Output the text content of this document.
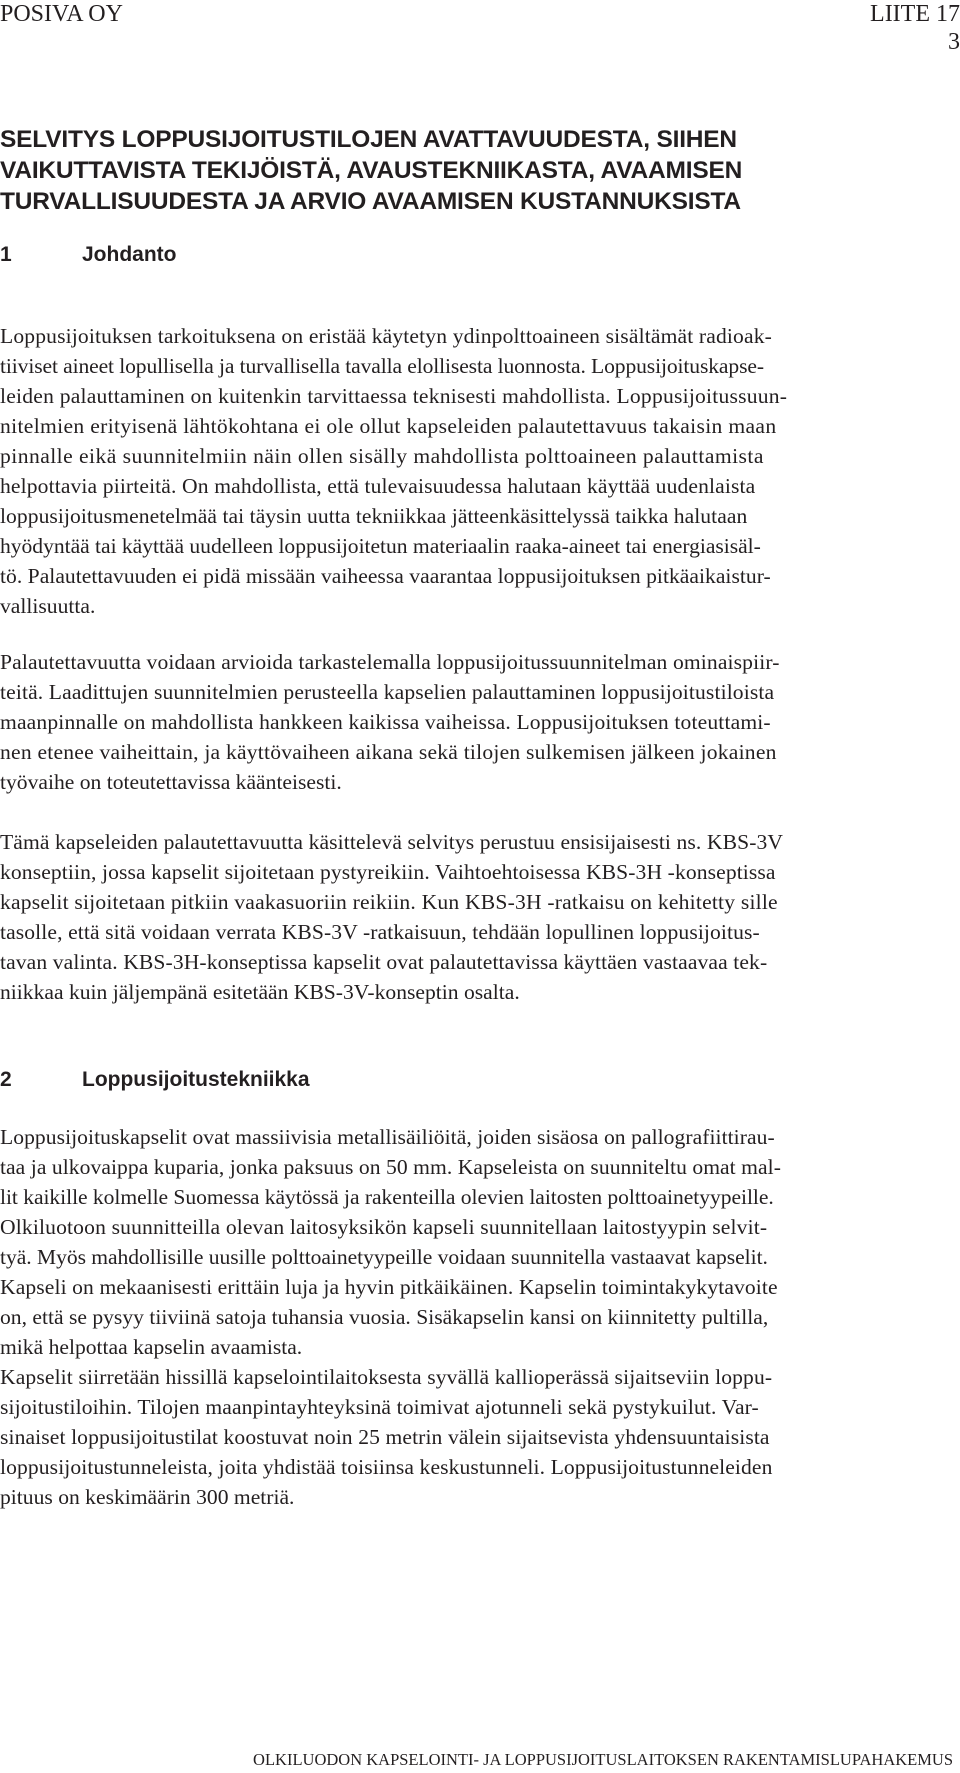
POSIVA OY	LIITE 17
3
SELVITYS LOPPUSIJOITUSTILOJEN AVATTAVUUDESTA, SIIHEN
VAIKUTTAVISTA TEKIJÖISTÄ, AVAUSTEKNIIKASTA, AVAAMISEN
TURVALLISUUDESTA JA ARVIO AVAAMISEN KUSTANNUKSISTA
1	Johdanto

Loppusijoituksen tarkoituksena on eristää käytetyn ydinpolttoaineen sisältämät radioak-
tiiviset aineet lopullisella ja turvallisella tavalla elollisesta luonnosta. Loppusijoituskapse-
leiden palauttaminen on kuitenkin tarvittaessa teknisesti mahdollista. Loppusijoitussuun-
nitelmien erityisenä lähtökohtana ei ole ollut kapseleiden palautettavuus takaisin maan
pinnalle eikä suunnitelmiin näin ollen sisälly mahdollista polttoaineen palauttamista
helpottavia piirteitä. On mahdollista, että tulevaisuudessa halutaan käyttää uudenlaista
loppusijoitusmenetelmää tai täysin uutta tekniikkaa jätteenkäsittelyssä taikka halutaan
hyödyntää tai käyttää uudelleen loppusijoitetun materiaalin raaka-aineet tai energiasisäl-
tö. Palautettavuuden ei pidä missään vaiheessa vaarantaa loppusijoituksen pitkäaikaistur-
vallisuutta.

Palautettavuutta voidaan arvioida tarkastelemalla loppusijoitussuunnitelman ominaispiir-
teitä. Laadittujen suunnitelmien perusteella kapselien palauttaminen loppusijoitustiloista
maanpinnalle on mahdollista hankkeen kaikissa vaiheissa. Loppusijoituksen toteuttami-
nen etenee vaiheittain, ja käyttövaiheen aikana sekä tilojen sulkemisen jälkeen jokainen
työvaihe on toteutettavissa käänteisesti.

Tämä kapseleiden palautettavuutta käsittelevä selvitys perustuu ensisijaisesti ns. KBS-3V
konseptiin, jossa kapselit sijoitetaan pystyreikiin. Vaihtoehtoisessa KBS-3H -konseptissa
kapselit sijoitetaan pitkiin vaakasuoriin reikiin. Kun KBS-3H -ratkaisu on kehitetty sille
tasolle, että sitä voidaan verrata KBS-3V -ratkaisuun, tehdään lopullinen loppusijoitus-
tavan valinta. KBS-3H-konseptissa kapselit ovat palautettavissa käyttäen vastaavaa tek-
niikkaa kuin jäljempänä esitetään KBS-3V-konseptin osalta.

2	Loppusijoitustekniikka

Loppusijoituskapselit ovat massiivisia metallisäiliöitä, joiden sisäosa on pallografiittirau-
taa ja ulkovaippa kuparia, jonka paksuus on 50 mm. Kapseleista on suunniteltu omat mal-
lit kaikille kolmelle Suomessa käytössä ja rakenteilla olevien laitosten polttoainetyypeille.
Olkiluotoon suunnitteilla olevan laitosyksikön kapseli suunnitellaan laitostyypin selvit-
tyä. Myös mahdollisille uusille polttoainetyypeille voidaan suunnitella vastaavat kapselit.
Kapseli on mekaanisesti erittäin luja ja hyvin pitkäikäinen. Kapselin toimintakykytavoite
on, että se pysyy tiiviinä satoja tuhansia vuosia. Sisäkapselin kansi on kiinnitetty pultilla,
mikä helpottaa kapselin avaamista.

Kapselit siirretään hissillä kapselointilaitoksesta syvällä kallioperässä sijaitseviin loppu-
sijoitustiloihin. Tilojen maanpintayhteyksinä toimivat ajotunneli sekä pystykuilut. Var-
sinaiset loppusijoitustilat koostuvat noin 25 metrin välein sijaitsevista yhdensuuntaisista
loppusijoitustunneleista, joita yhdistää toisiinsa keskustunneli. Loppusijoitustunneleiden
pituus on keskimäärin 300 metriä.

OLKILUODON KAPSELOINTI- JA LOPPUSIJOITUSLAITOKSEN RAKENTAMISLUPAHAKEMUS
